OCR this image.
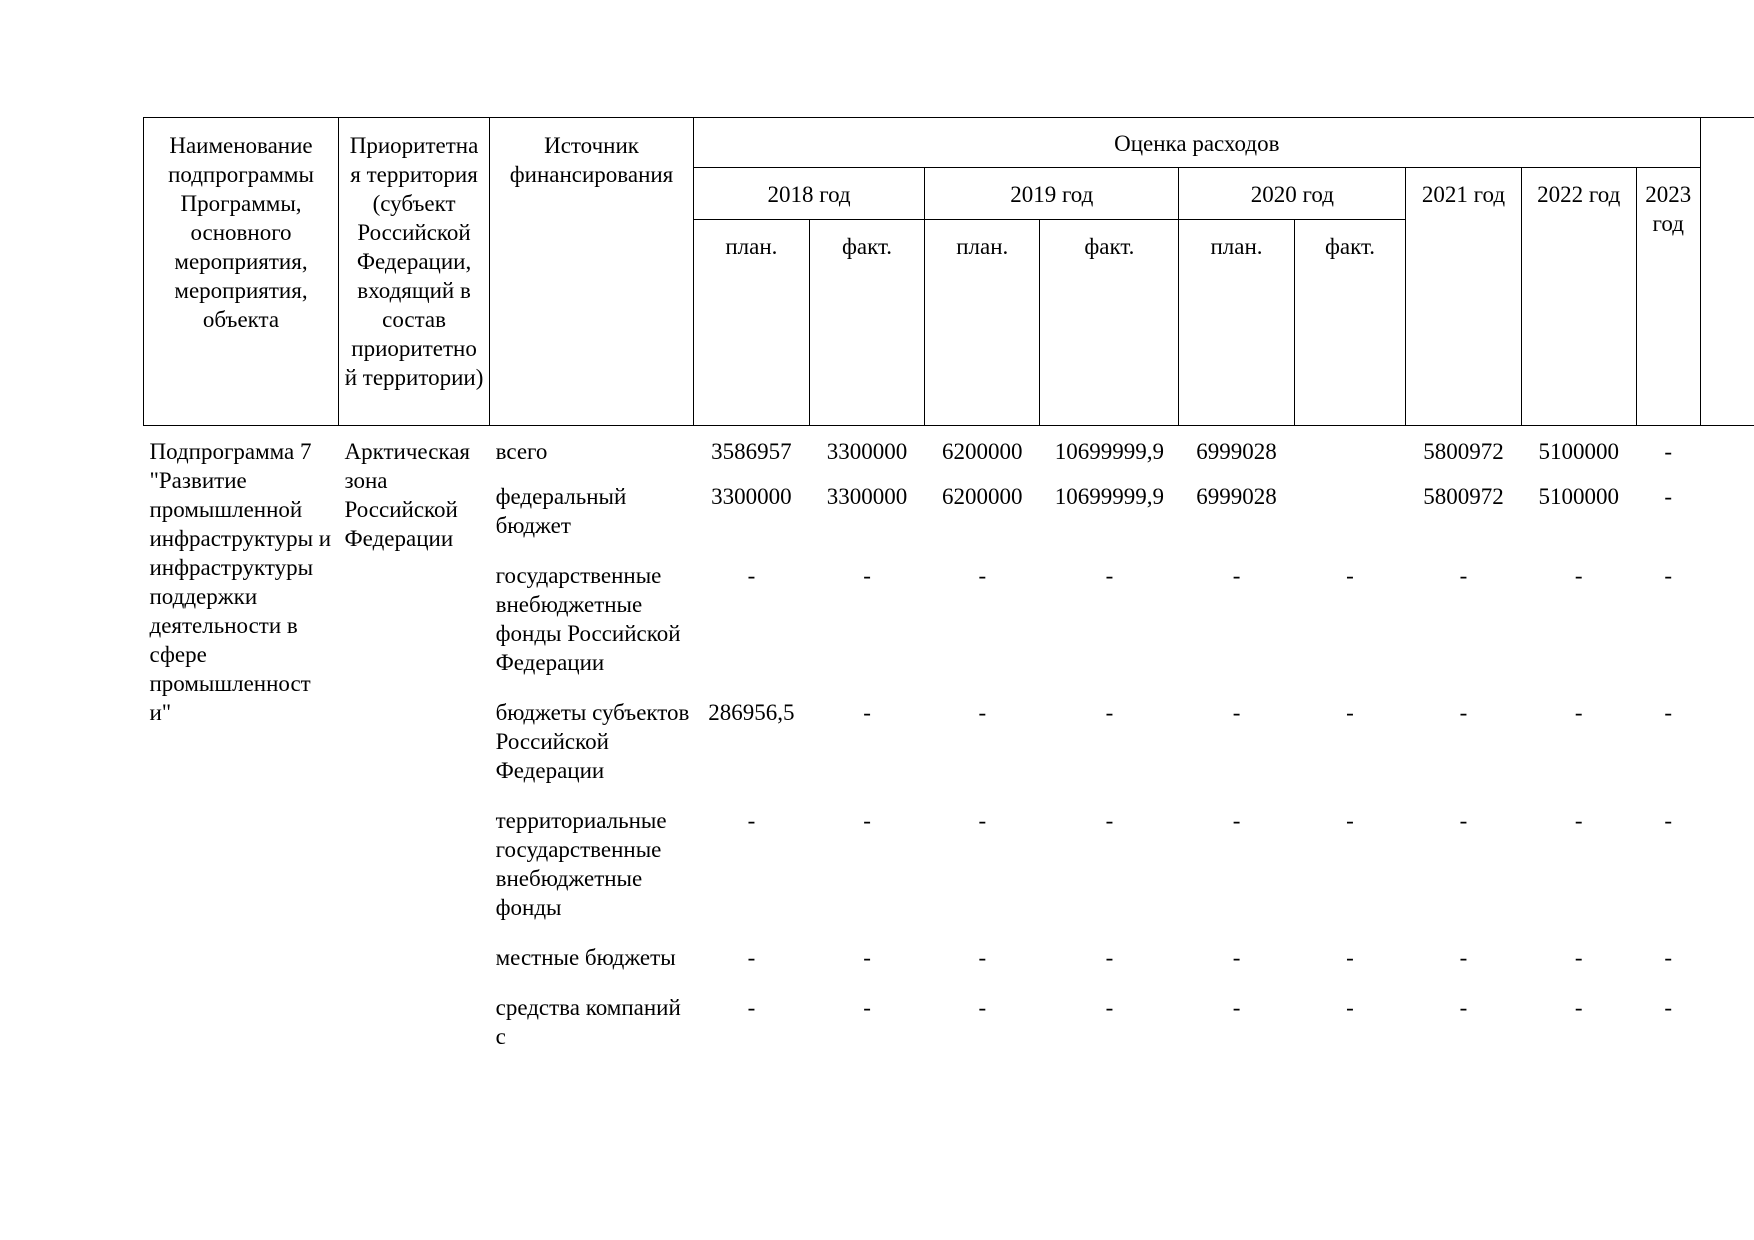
Наименование подпрограммы Программы, основного мероприятия, мероприятия, объекта	Приоритетна я территория (субъект Российской Федерации, входящий в состав приоритетно й территории)	Источник финансирования	Оценка расходов									
			2018 год		2019 год		2020 год		2021 год	2022 год	2023 год	

			план.	факт.	план.	факт.	план.	факт.				
Подпрограмма 7 "Развитие промышленной инфраструктуры и инфраструктуры поддержки деятельности в сфере промышленност и"	Арктическая зона Российской Федерации	всего	3586957	3300000	6200000	10699999,9	6999028		5800972	5100000	-	
		федеральный бюджет	3300000	3300000	6200000	10699999,9	6999028		5800972	5100000	-	
		государственные внебюджетные фонды Российской Федерации	-	-	-	-	-	-	-	-	-	
		бюджеты субъектов Российской Федерации	286956,5	-	-	-	-	-	-	-	-	
		территориальные государственные внебюджетные фонды	-	-	-	-	-	-	-	-	-	
		местные бюджеты	-	-	-	-	-	-	-	-	-	
		средства компаний с	-	-	-	-	-	-	-	-	-	
